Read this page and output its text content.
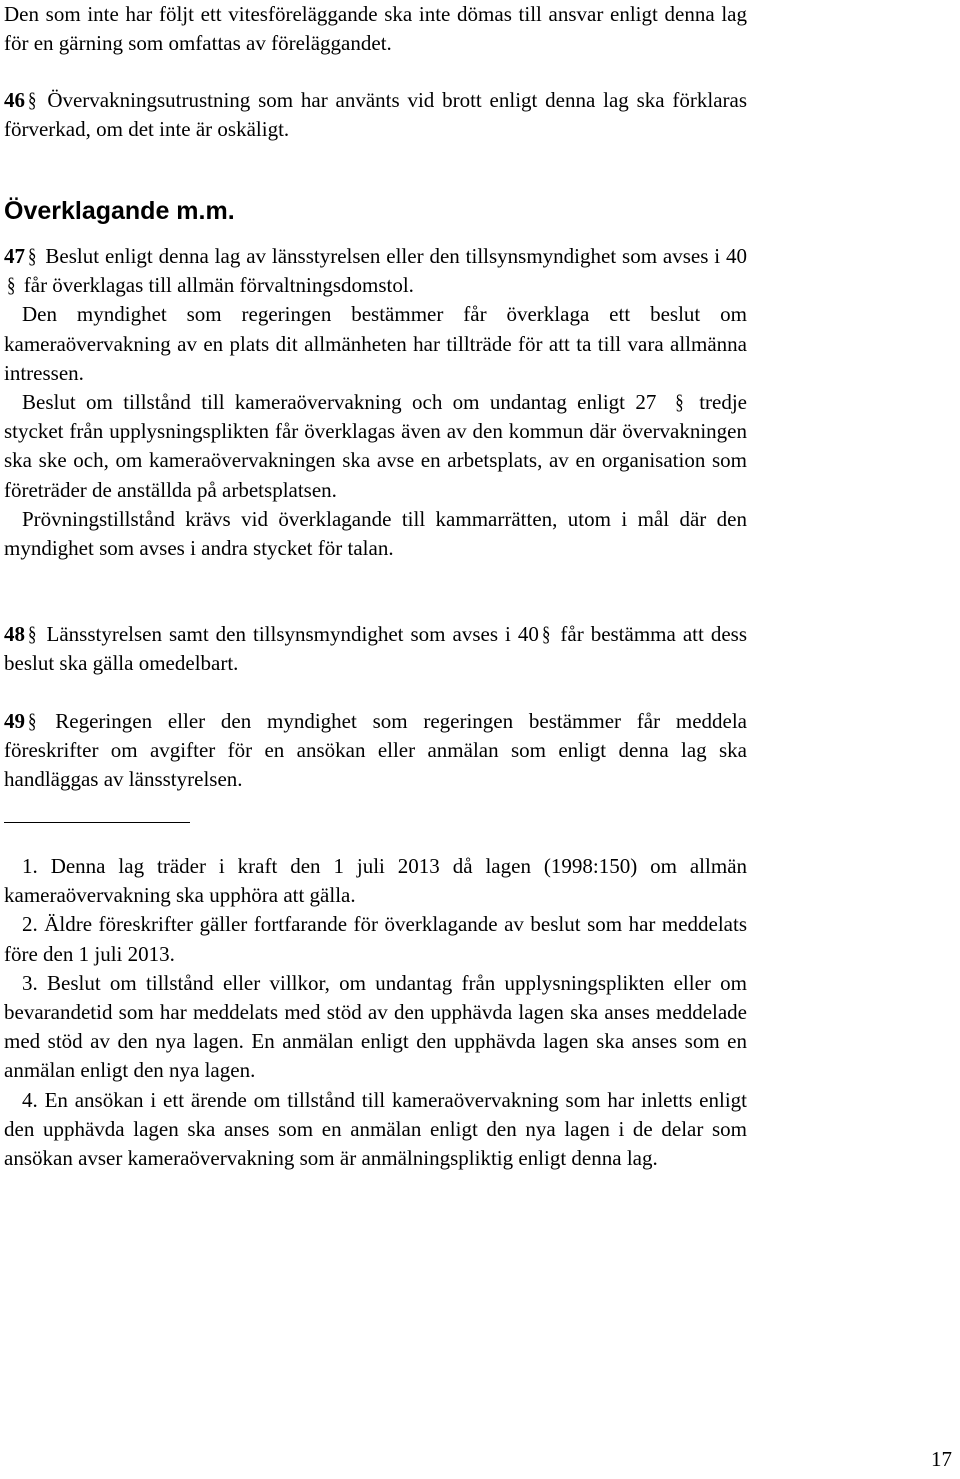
Den som inte har följt ett vitesföreläggande ska inte dömas till ansvar enligt denna lag för en gärning som omfattas av föreläggandet.

46 § Övervakningsutrustning som har använts vid brott enligt denna lag ska förklaras förverkad, om det inte är oskäligt.

Överklagande m.m.

47 § Beslut enligt denna lag av länsstyrelsen eller den tillsynsmyndighet som avses i 40§ får överklagas till allmän förvaltningsdomstol.

Den myndighet som regeringen bestämmer får överklaga ett beslut om kameraövervakning av en plats dit allmänheten har tillträde för att ta till vara allmänna intressen.

Beslut om tillstånd till kameraövervakning och om undantag enligt 27 § tredje stycket från upplysningsplikten får överklagas även av den kommun där övervakningen ska ske och, om kameraövervakningen ska avse en arbetsplats, av en organisation som företräder de anställda på arbetsplatsen.

Prövningstillstånd krävs vid överklagande till kammarrätten, utom i mål där den myndighet som avses i andra stycket för talan.

48 § Länsstyrelsen samt den tillsynsmyndighet som avses i 40 § får bestämma att dess beslut ska gälla omedelbart.

49 § Regeringen eller den myndighet som regeringen bestämmer får meddela föreskrifter om avgifter för en ansökan eller anmälan som enligt denna lag ska handläggas av länsstyrelsen.

1. Denna lag träder i kraft den 1 juli 2013 då lagen (1998:150) om allmän kameraövervakning ska upphöra att gälla.

2. Äldre föreskrifter gäller fortfarande för överklagande av beslut som har meddelats före den 1 juli 2013.

3. Beslut om tillstånd eller villkor, om undantag från upplysningsplikten eller om bevarandetid som har meddelats med stöd av den upphävda lagen ska anses meddelade med stöd av den nya lagen. En anmälan enligt den upphävda lagen ska anses som en anmälan enligt den nya lagen.

4. En ansökan i ett ärende om tillstånd till kameraövervakning som har inletts enligt den upphävda lagen ska anses som en anmälan enligt den nya lagen i de delar som ansökan avser kameraövervakning som är anmälningspliktig enligt denna lag.

17
